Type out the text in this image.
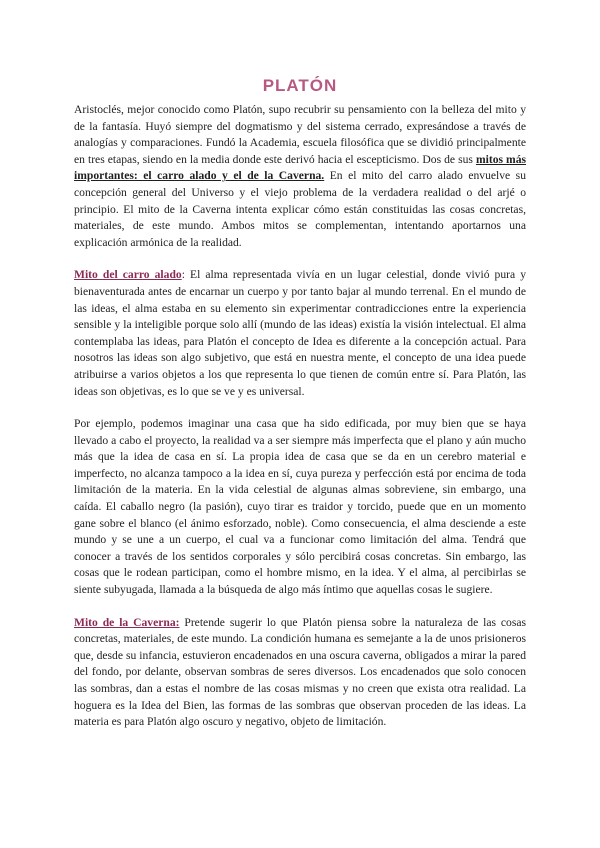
PLATÓN

Aristoclés, mejor conocido como Platón, supo recubrir su pensamiento con la belleza del mito y de la fantasía. Huyó siempre del dogmatismo y del sistema cerrado, expresándose a través de analogías y comparaciones. Fundó la Academia, escuela filosófica que se dividió principalmente en tres etapas, siendo en la media donde este derivó hacia el escepticismo. Dos de sus mitos más importantes: el carro alado y el de la Caverna. En el mito del carro alado envuelve su concepción general del Universo y el viejo problema de la verdadera realidad o del arjé o principio. El mito de la Caverna intenta explicar cómo están constituidas las cosas concretas, materiales, de este mundo. Ambos mitos se complementan, intentando aportarnos una explicación armónica de la realidad.

Mito del carro alado: El alma representada vivía en un lugar celestial, donde vivió pura y bienaventurada antes de encarnar un cuerpo y por tanto bajar al mundo terrenal. En el mundo de las ideas, el alma estaba en su elemento sin experimentar contradicciones entre la experiencia sensible y la inteligible porque solo allí (mundo de las ideas) existía la visión intelectual. El alma contemplaba las ideas, para Platón el concepto de Idea es diferente a la concepción actual. Para nosotros las ideas son algo subjetivo, que está en nuestra mente, el concepto de una idea puede atribuirse a varios objetos a los que representa lo que tienen de común entre sí. Para Platón, las ideas son objetivas, es lo que se ve y es universal.

Por ejemplo, podemos imaginar una casa que ha sido edificada, por muy bien que se haya llevado a cabo el proyecto, la realidad va a ser siempre más imperfecta que el plano y aún mucho más que la idea de casa en sí. La propia idea de casa que se da en un cerebro material e imperfecto, no alcanza tampoco a la idea en sí, cuya pureza y perfección está por encima de toda limitación de la materia. En la vida celestial de algunas almas sobreviene, sin embargo, una caída. El caballo negro (la pasión), cuyo tirar es traidor y torcido, puede que en un momento gane sobre el blanco (el ánimo esforzado, noble). Como consecuencia, el alma desciende a este mundo y se une a un cuerpo, el cual va a funcionar como limitación del alma. Tendrá que conocer a través de los sentidos corporales y sólo percibirá cosas concretas. Sin embargo, las cosas que le rodean participan, como el hombre mismo, en la idea. Y el alma, al percibirlas se siente subyugada, llamada a la búsqueda de algo más íntimo que aquellas cosas le sugiere.

Mito de la Caverna: Pretende sugerir lo que Platón piensa sobre la naturaleza de las cosas concretas, materiales, de este mundo. La condición humana es semejante a la de unos prisioneros que, desde su infancia, estuvieron encadenados en una oscura caverna, obligados a mirar la pared del fondo, por delante, observan sombras de seres diversos. Los encadenados que solo conocen las sombras, dan a estas el nombre de las cosas mismas y no creen que exista otra realidad. La hoguera es la Idea del Bien, las formas de las sombras que observan proceden de las ideas. La materia es para Platón algo oscuro y negativo, objeto de limitación.
